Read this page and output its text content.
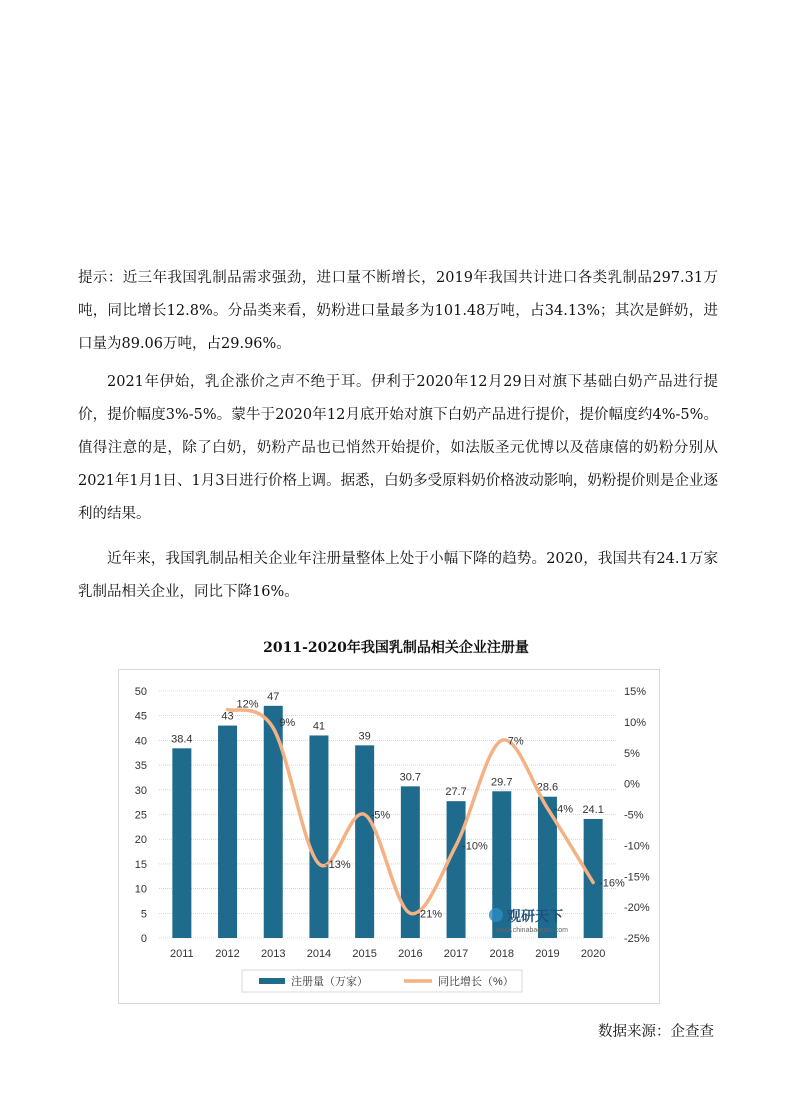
提示：近三年我国乳制品需求强劲，进口量不断增长，2019年我国共计进口各类乳制品297.31万吨，同比增长12.8%。分品类来看，奶粉进口量最多为101.48万吨，占34.13%；其次是鲜奶，进口量为89.06万吨，占29.96%。

2021年伊始，乳企涨价之声不绝于耳。伊利于2020年12月29日对旗下基础白奶产品进行提价，提价幅度3%-5%。蒙牛于2020年12月底开始对旗下白奶产品进行提价，提价幅度约4%-5%。值得注意的是，除了白奶，奶粉产品也已悄然开始提价，如法版圣元优博以及蓓康僖的奶粉分别从2021年1月1日、1月3日进行价格上调。据悉，白奶多受原料奶价格波动影响，奶粉提价则是企业逐利的结果。

近年来，我国乳制品相关企业年注册量整体上处于小幅下降的趋势。2020，我国共有24.1万家乳制品相关企业，同比下降16%。

2011-2020年我国乳制品相关企业注册量
0
5
10
15
20
25
30
35
40
45
50
-25%
-20%
-15%
-10%
-5%
0%
5%
10%
15%
38.4
2011
43
2012
47
2013
41
2014
39
2015
30.7
2016
27.7
2017
29.7
2018
28.6
2019
24.1
2020
12%
9%
-13%
-5%
-21%
-10%
7%
-4%
-16%
观研天下
www.chinabaogao.com
注册量（万家）	同比增长（%）
数据来源：企查查
